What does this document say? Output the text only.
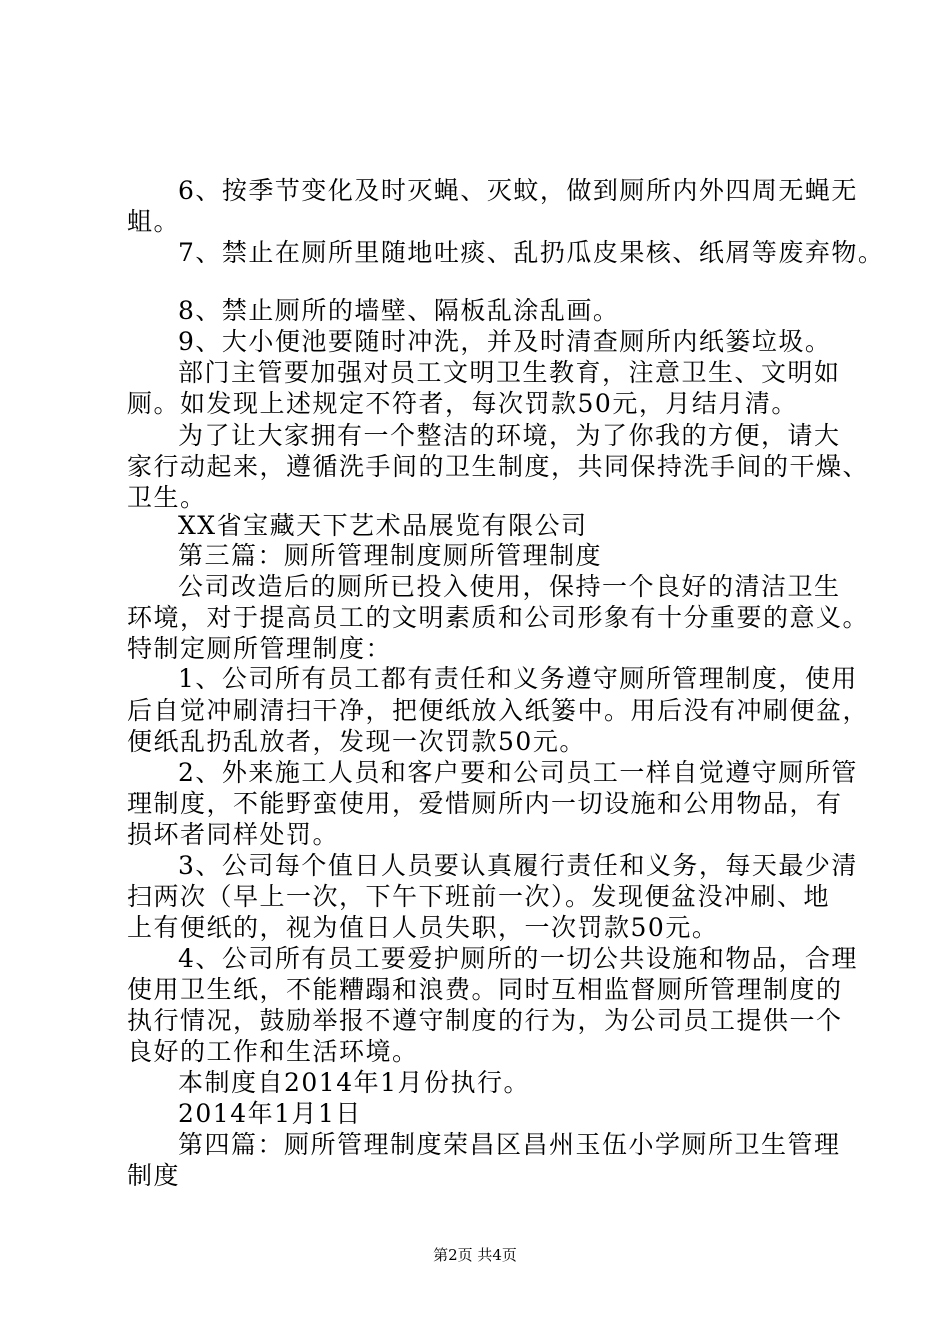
6、按季节变化及时灭蝇、灭蚊，做到厕所内外四周无蝇无
蛆。
7、禁止在厕所里随地吐痰、乱扔瓜皮果核、纸屑等废弃物。
8、禁止厕所的墙壁、隔板乱涂乱画。
9、大小便池要随时冲洗，并及时清查厕所内纸篓垃圾。
部门主管要加强对员工文明卫生教育，注意卫生、文明如
厕。如发现上述规定不符者，每次罚款50元，月结月清。
为了让大家拥有一个整洁的环境，为了你我的方便，请大
家行动起来，遵循洗手间的卫生制度，共同保持洗手间的干燥、
卫生。
XX省宝藏天下艺术品展览有限公司
第三篇：厕所管理制度厕所管理制度
公司改造后的厕所已投入使用，保持一个良好的清洁卫生
环境，对于提高员工的文明素质和公司形象有十分重要的意义。
特制定厕所管理制度：
1、公司所有员工都有责任和义务遵守厕所管理制度，使用
后自觉冲刷清扫干净，把便纸放入纸篓中。用后没有冲刷便盆，
便纸乱扔乱放者，发现一次罚款50元。
2、外来施工人员和客户要和公司员工一样自觉遵守厕所管
理制度，不能野蛮使用，爱惜厕所内一切设施和公用物品，有
损坏者同样处罚。
3、公司每个值日人员要认真履行责任和义务，每天最少清
扫两次（早上一次，下午下班前一次）。发现便盆没冲刷、地
上有便纸的，视为值日人员失职，一次罚款50元。
4、公司所有员工要爱护厕所的一切公共设施和物品，合理
使用卫生纸，不能糟蹋和浪费。同时互相监督厕所管理制度的
执行情况，鼓励举报不遵守制度的行为，为公司员工提供一个
良好的工作和生活环境。
本制度自2014年1月份执行。
2014年1月1日
第四篇：厕所管理制度荣昌区昌州玉伍小学厕所卫生管理
制度
第2页 共4页
